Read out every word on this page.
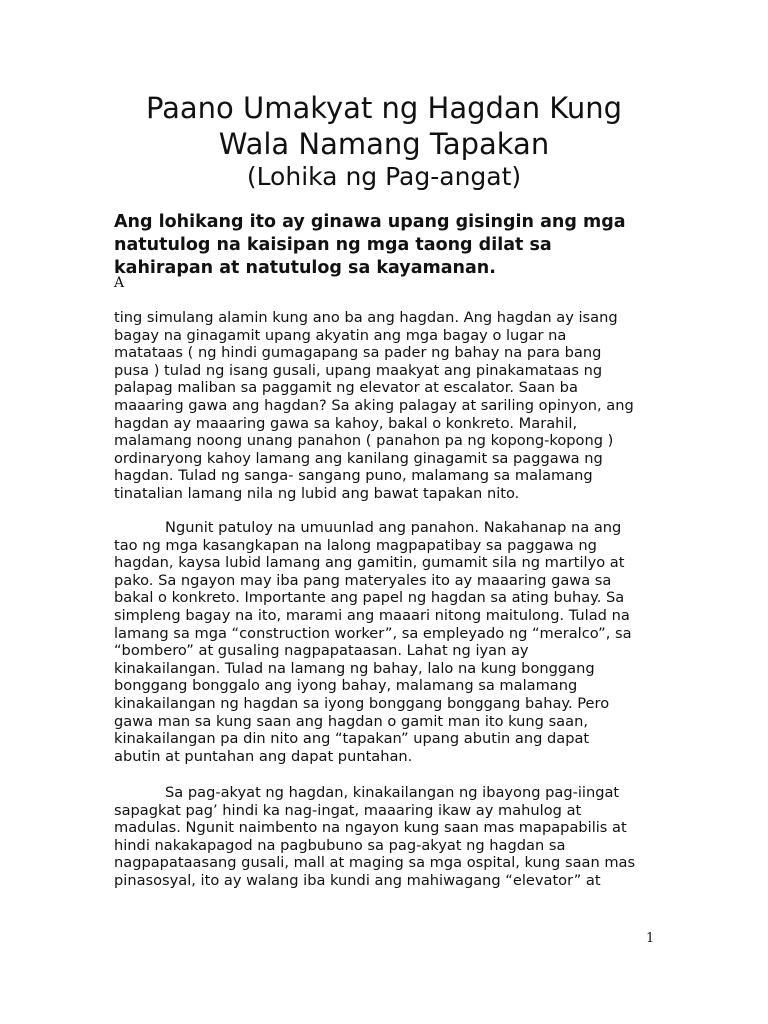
Paano Umakyat ng Hagdan Kung
Wala Namang Tapakan
(Lohika ng Pag-angat)

Ang lohikang ito ay ginawa upang gisingin ang mga
natutulog na kaisipan ng mga taong dilat sa
kahirapan at natutulog sa kayamanan.

A

ting simulang alamin kung ano ba ang hagdan. Ang hagdan ay isang
bagay na ginagamit upang akyatin ang mga bagay o lugar na
matataas ( ng hindi gumagapang sa pader ng bahay na para bang
pusa ) tulad ng isang gusali, upang maakyat ang pinakamataas ng
palapag maliban sa paggamit ng elevator at escalator. Saan ba
maaaring gawa ang hagdan? Sa aking palagay at sariling opinyon, ang
hagdan ay maaaring gawa sa kahoy, bakal o konkreto. Marahil,
malamang noong unang panahon ( panahon pa ng kopong-kopong )
ordinaryong kahoy lamang ang kanilang ginagamit sa paggawa ng
hagdan. Tulad ng sanga- sangang puno, malamang sa malamang
tinatalian lamang nila ng lubid ang bawat tapakan nito.

Ngunit patuloy na umuunlad ang panahon. Nakahanap na ang
tao ng mga kasangkapan na lalong magpapatibay sa paggawa ng
hagdan, kaysa lubid lamang ang gamitin, gumamit sila ng martilyo at
pako. Sa ngayon may iba pang materyales ito ay maaaring gawa sa
bakal o konkreto. Importante ang papel ng hagdan sa ating buhay. Sa
simpleng bagay na ito, marami ang maaari nitong maitulong. Tulad na
lamang sa mga “construction worker”, sa empleyado ng “meralco”, sa
“bombero” at gusaling nagpapataasan. Lahat ng iyan ay
kinakailangan. Tulad na lamang ng bahay, lalo na kung bonggang
bonggang bonggalo ang iyong bahay, malamang sa malamang
kinakailangan ng hagdan sa iyong bonggang bonggang bahay. Pero
gawa man sa kung saan ang hagdan o gamit man ito kung saan,
kinakailangan pa din nito ang “tapakan” upang abutin ang dapat
abutin at puntahan ang dapat puntahan.

Sa pag-akyat ng hagdan, kinakailangan ng ibayong pag-iingat
sapagkat pag’ hindi ka nag-ingat, maaaring ikaw ay mahulog at
madulas. Ngunit naimbento na ngayon kung saan mas mapapabilis at
hindi nakakapagod na pagbubuno sa pag-akyat ng hagdan sa
nagpapataasang gusali, mall at maging sa mga ospital, kung saan mas
pinasosyal, ito ay walang iba kundi ang mahiwagang “elevator” at

1
